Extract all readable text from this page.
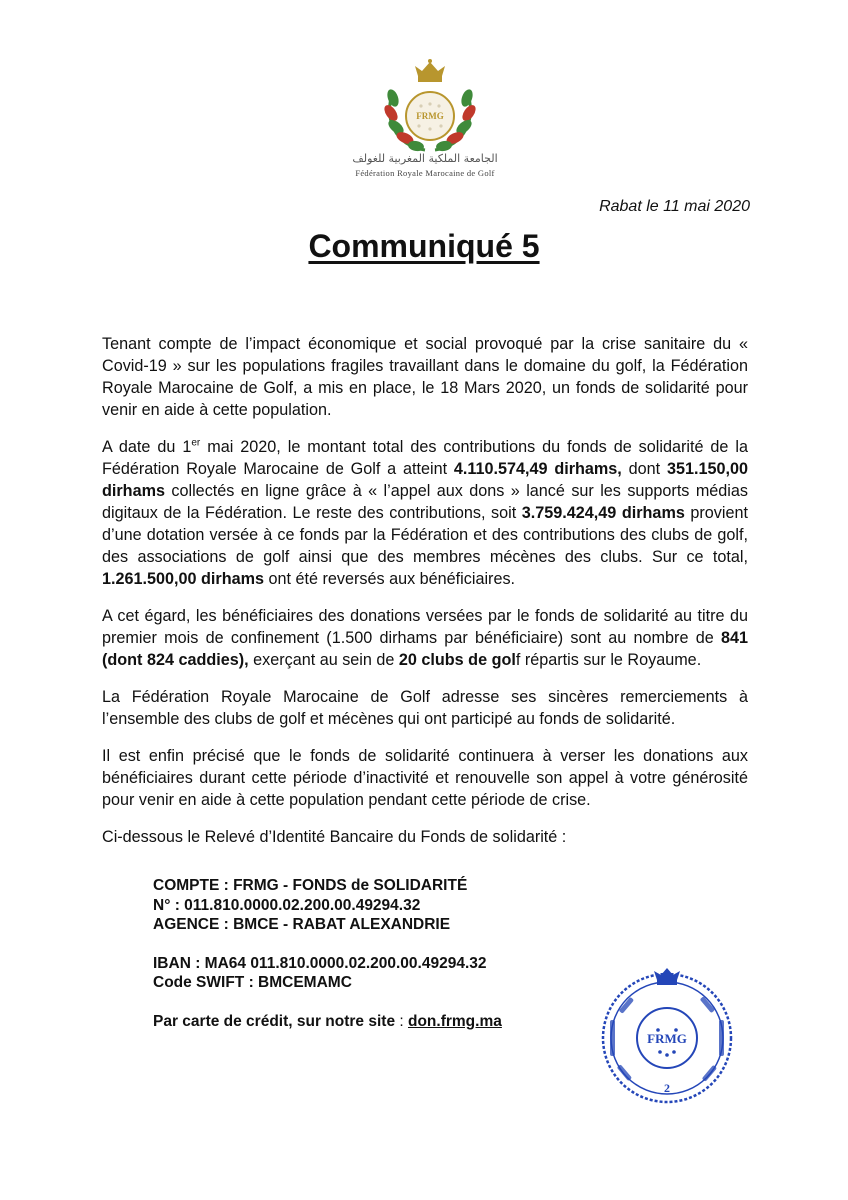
FRMG
الجامعة الملكية المغربية للغولف
Fédération Royale Marocaine de Golf
Rabat le 11 mai 2020
Communiqué 5

Tenant compte de l’impact économique et social provoqué par la crise sanitaire du « Covid-19 » sur les populations fragiles travaillant dans le domaine du golf, la Fédération Royale Marocaine de Golf, a mis en place, le 18 Mars 2020, un fonds de solidarité pour venir en aide à cette population.

A date du 1er mai 2020, le montant total des contributions du fonds de solidarité de la Fédération Royale Marocaine de Golf a atteint 4.110.574,49 dirhams, dont 351.150,00 dirhams collectés en ligne grâce à « l’appel aux dons » lancé sur les supports médias digitaux de la Fédération. Le reste des contributions, soit 3.759.424,49 dirhams provient d’une dotation versée à ce fonds par la Fédération et des contributions des clubs de golf, des associations de golf ainsi que des membres mécènes des clubs. Sur ce total, 1.261.500,00 dirhams ont été reversés aux bénéficiaires.

A cet égard, les bénéficiaires des donations versées par le fonds de solidarité au titre du premier mois de confinement (1.500 dirhams par bénéficiaire) sont au nombre de 841 (dont 824 caddies), exerçant au sein de 20 clubs de golf répartis sur le Royaume.

La Fédération Royale Marocaine de Golf adresse ses sincères remerciements à l’ensemble des clubs de golf et mécènes qui ont participé au fonds de solidarité.

Il est enfin précisé que le fonds de solidarité continuera à verser les donations aux bénéficiaires durant cette période d’inactivité et renouvelle son appel à votre générosité pour venir en aide à cette population pendant cette période de crise.

Ci-dessous le Relevé d’Identité Bancaire du Fonds de solidarité :

COMPTE : FRMG - FONDS de SOLIDARITÉ
N° : 011.810.0000.02.200.00.49294.32
AGENCE : BMCE - RABAT ALEXANDRIE
IBAN : MA64 011.810.0000.02.200.00.49294.32
Code SWIFT : BMCEMAMC
Par carte de crédit, sur notre site : don.frmg.ma
FRMG
2
